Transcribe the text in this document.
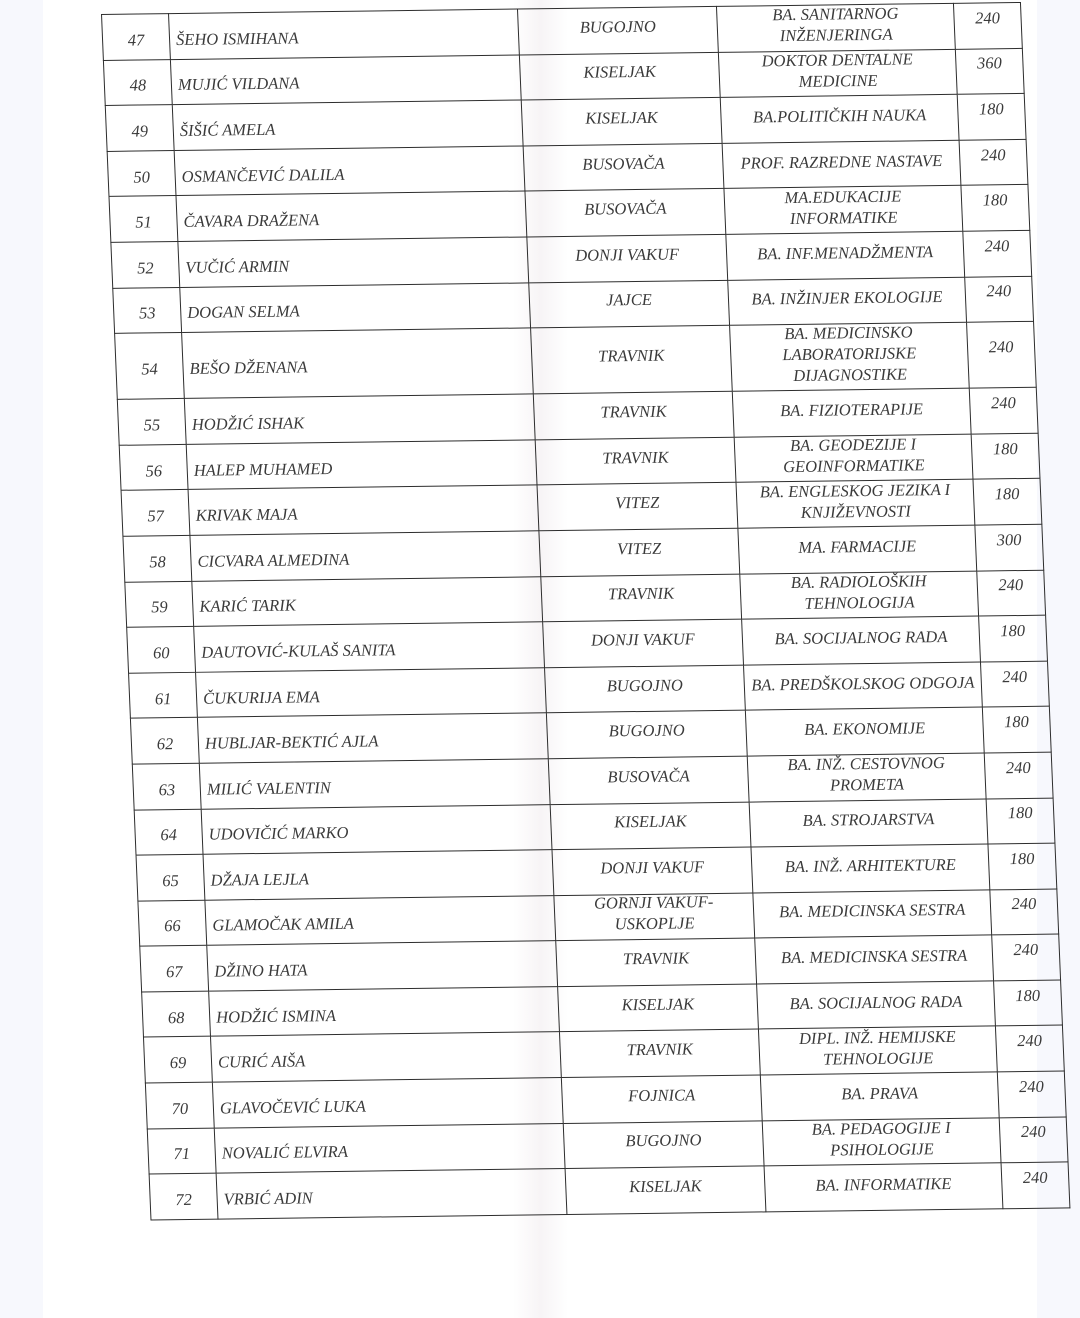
47	ŠEHO ISMIHANA	BUGOJNO	BA. SANITARNOG
INŽENJERINGA	240

48	MUJIĆ VILDANA	KISELJAK	DOKTOR DENTALNE
MEDICINE	360

49	ŠIŠIĆ AMELA	KISELJAK	BA.POLITIČKIH NAUKA	180

50	OSMANČEVIĆ DALILA	BUSOVAČA	PROF. RAZREDNE NASTAVE	240

51	ČAVARA DRAŽENA	BUSOVAČA	MA.EDUKACIJE
INFORMATIKE	180

52	VUČIĆ ARMIN	DONJI VAKUF	BA. INF.MENADŽMENTA	240

53	DOGAN SELMA	JAJCE	BA. INŽINJER EKOLOGIJE	240

54	BEŠO DŽENANA	TRAVNIK	BA. MEDICINSKO
LABORATORIJSKE
DIJAGNOSTIKE	240

55	HODŽIĆ ISHAK	TRAVNIK	BA. FIZIOTERAPIJE	240

56	HALEP MUHAMED	TRAVNIK	BA. GEODEZIJE I
GEOINFORMATIKE	180

57	KRIVAK MAJA	VITEZ	BA. ENGLESKOG JEZIKA I
KNJIŽEVNOSTI	180

58	CICVARA ALMEDINA	VITEZ	MA. FARMACIJE	300

59	KARIĆ TARIK	TRAVNIK	BA. RADIOLOŠKIH
TEHNOLOGIJA	240

60	DAUTOVIĆ-KULAŠ SANITA	DONJI VAKUF	BA. SOCIJALNOG RADA	180

61	ČUKURIJA EMA	BUGOJNO	BA. PREDŠKOLSKOG ODGOJA	240

62	HUBLJAR-BEKTIĆ AJLA	BUGOJNO	BA. EKONOMIJE	180

63	MILIĆ VALENTIN	BUSOVAČA	BA. INŽ. CESTOVNOG
PROMETA	240

64	UDOVIČIĆ MARKO	KISELJAK	BA. STROJARSTVA	180

65	DŽAJA LEJLA	DONJI VAKUF	BA. INŽ. ARHITEKTURE	180

66	GLAMOČAK AMILA	GORNJI VAKUF-
USKOPLJE	BA. MEDICINSKA SESTRA	240

67	DŽINO HATA	TRAVNIK	BA. MEDICINSKA SESTRA	240

68	HODŽIĆ ISMINA	KISELJAK	BA. SOCIJALNOG RADA	180

69	CURIĆ AIŠA	TRAVNIK	DIPL. INŽ. HEMIJSKE
TEHNOLOGIJE	240

70	GLAVOČEVIĆ LUKA	FOJNICA	BA. PRAVA	240

71	NOVALIĆ ELVIRA	BUGOJNO	BA. PEDAGOGIJE I
PSIHOLOGIJE	240

72	VRBIĆ ADIN	KISELJAK	BA. INFORMATIKE	240
